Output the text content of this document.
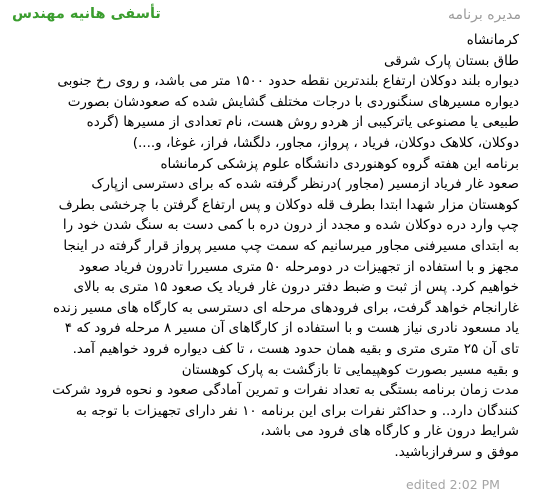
تأسفی هانیه مهندس	مدیره برنامه

کرمانشاه

طاق بستان پارک شرقی

دیواره بلند دوکلان ارتفاع بلندترین نقطه حدود ۱۵۰۰ متر می باشد، و روی رخ جنوبی

دیواره مسیرهای سنگنوردی با درجات مختلف گشایش شده که صعودشان بصورت

طبیعی یا مصنوعی یاترکیبی از هردو روش هست، نام تعدادی از مسیرها (گرده

دوکلان، کلاهک دوکلان، فریاد ، پرواز، مجاور، دلگشا، فراز، غوغا، و....)

برنامه این هفته گروه کوهنوردی دانشگاه علوم پزشکی کرمانشاه

صعود غار فریاد ازمسیر (مجاور )درنظر گرفته شده که برای دسترسی ازپارک

کوهستان مزار شهدا ابتدا بطرف قله دوکلان و پس ارتفاع گرفتن با چرخشی بطرف

چپ وارد دره دوکلان شده و مجدد از درون دره با کمی دست به سنگ شدن خود را

به ابتدای مسیرفنی مجاور میرسانیم که سمت چپ مسیر پرواز قرار گرفته در اینجا

مجهز و با استفاده از تجهیزات در دومرحله ۵۰ متری مسیررا تادرون فریاد صعود

خواهیم کرد. پس از ثبت و ضبط دفتر درون غار فریاد یک صعود ۱۵ متری به بالای

غارانجام خواهد گرفت، برای فرودهای مرحله ای دسترسی به کارگاه های مسیر زنده

یاد مسعود نادری نیاز هست و با استفاده از کارگاهای آن مسیر ۸ مرحله فرود که ۴

تای آن ۲۵ متری متری و بقیه همان حدود هست ، تا کف دیواره فرود خواهیم آمد.

و بقیه مسیر بصورت کوهپیمایی تا بازگشت به پارک کوهستان

مدت زمان برنامه بستگی به تعداد نفرات و تمرین آمادگی صعود و نحوه فرود شرکت

کنندگان دارد.. و حداکثر نفرات برای این برنامه ۱۰ نفر دارای تجهیزات با توجه به

شرایط درون غار و کارگاه های فرود می باشد،

موفق و سرفرازباشید.

edited 2:02 PM
